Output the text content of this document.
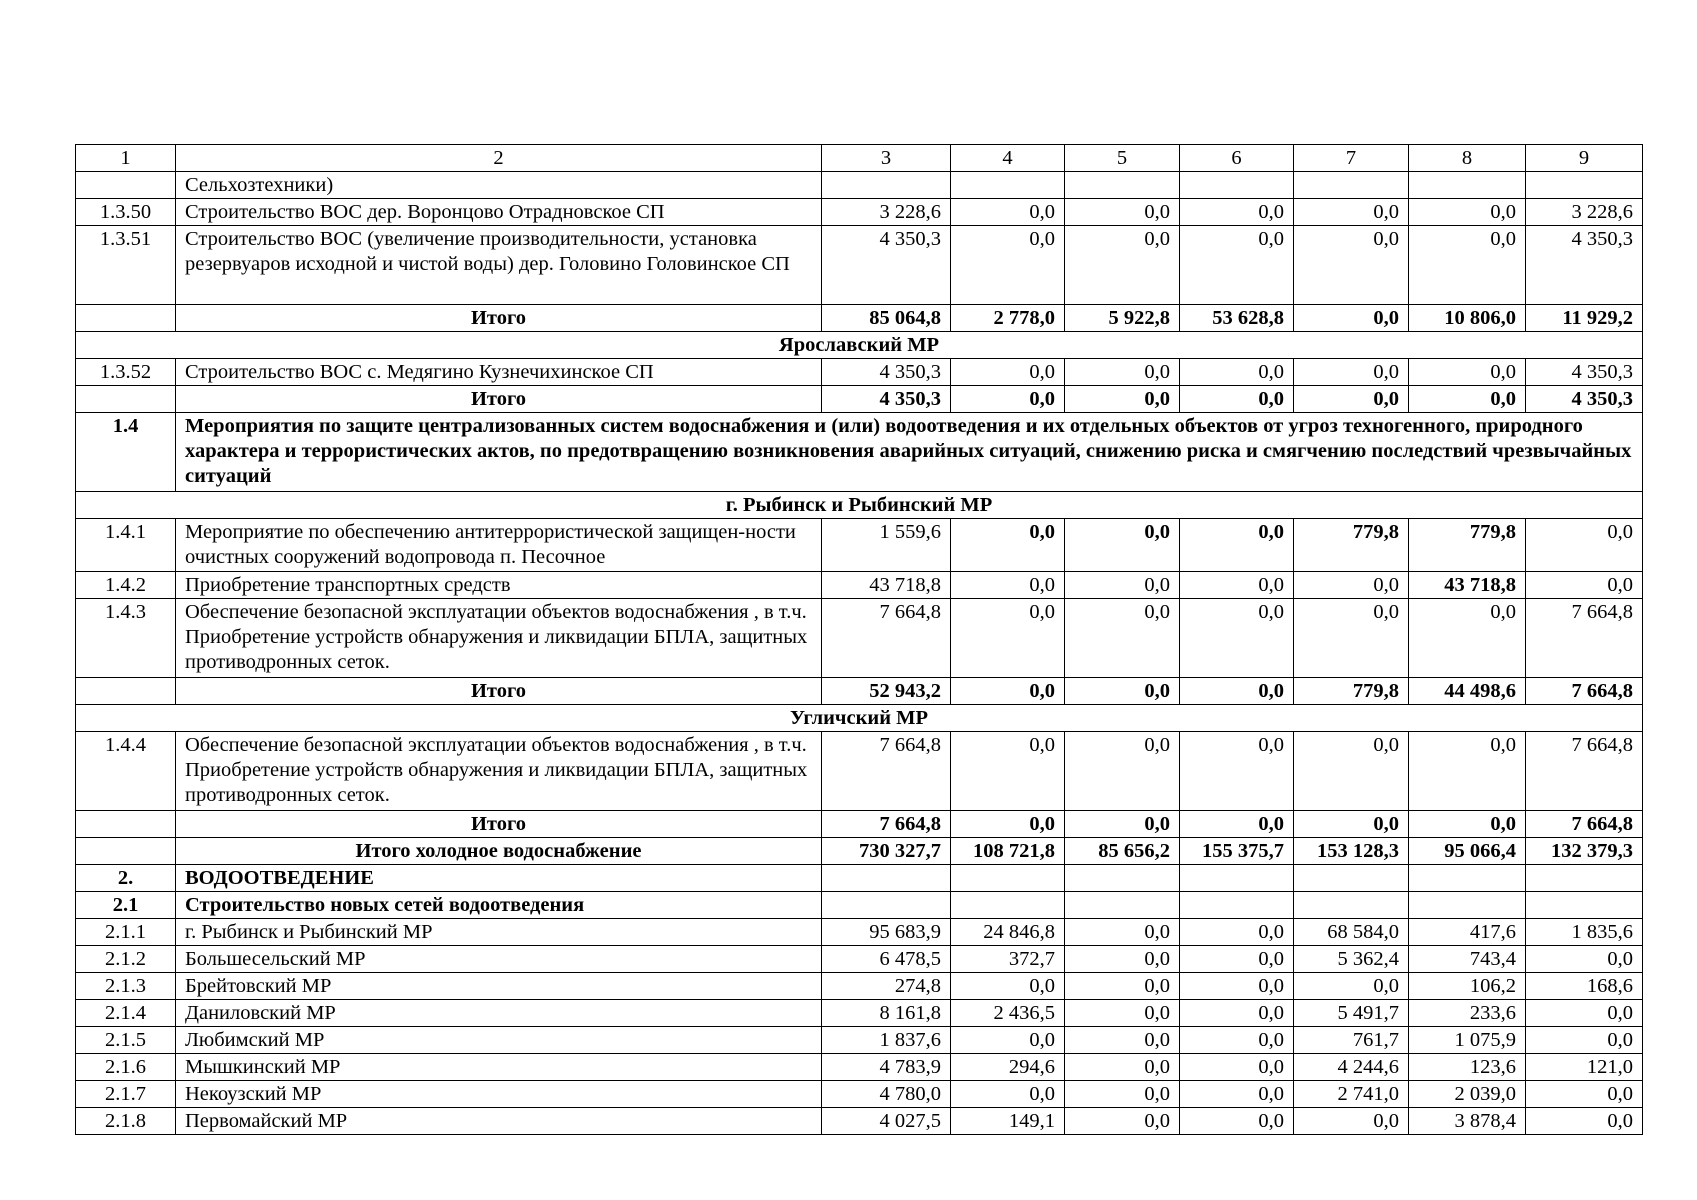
1	2	3	4	5	6	7	8	9
	Сельхозтехники)							
1.3.50	Строительство ВОС дер. Воронцово Отрадновское СП	3 228,6	0,0	0,0	0,0	0,0	0,0	3 228,6
1.3.51	Строительство ВОС (увеличение производительности, установка резервуаров исходной и чистой воды) дер. Головино Головинское СП	4 350,3	0,0	0,0	0,0	0,0	0,0	4 350,3
	Итого	85 064,8	2 778,0	5 922,8	53 628,8	0,0	10 806,0	11 929,2
Ярославский МР								
1.3.52	Строительство ВОС с. Медягино Кузнечихинское СП	4 350,3	0,0	0,0	0,0	0,0	0,0	4 350,3
	Итого	4 350,3	0,0	0,0	0,0	0,0	0,0	4 350,3
1.4	Мероприятия по защите централизованных систем водоснабжения и (или) водоотведения и их отдельных объектов от угроз техногенного, природного характера и террористических актов, по предотвращению возникновения аварийных ситуаций, снижению риска и смягчению последствий чрезвычайных ситуаций							
г. Рыбинск и Рыбинский МР								
1.4.1	Мероприятие по обеспечению антитеррористической защищен-ности очистных сооружений водопровода п. Песочное	1 559,6	0,0	0,0	0,0	779,8	779,8	0,0
1.4.2	Приобретение транспортных средств	43 718,8	0,0	0,0	0,0	0,0	43 718,8	0,0
1.4.3	Обеспечение безопасной эксплуатации объектов водоснабжения , в т.ч. Приобретение устройств обнаружения и ликвидации БПЛА, защитных противодронных сеток.	7 664,8	0,0	0,0	0,0	0,0	0,0	7 664,8
	Итого	52 943,2	0,0	0,0	0,0	779,8	44 498,6	7 664,8
Угличский МР								
1.4.4	Обеспечение безопасной эксплуатации объектов водоснабжения , в т.ч. Приобретение устройств обнаружения и ликвидации БПЛА, защитных противодронных сеток.	7 664,8	0,0	0,0	0,0	0,0	0,0	7 664,8
	Итого	7 664,8	0,0	0,0	0,0	0,0	0,0	7 664,8
	Итого холодное водоснабжение	730 327,7	108 721,8	85 656,2	155 375,7	153 128,3	95 066,4	132 379,3
2.	ВОДООТВЕДЕНИЕ							
2.1	Строительство новых сетей водоотведения							
2.1.1	г. Рыбинск и Рыбинский МР	95 683,9	24 846,8	0,0	0,0	68 584,0	417,6	1 835,6
2.1.2	Большесельский МР	6 478,5	372,7	0,0	0,0	5 362,4	743,4	0,0
2.1.3	Брейтовский МР	274,8	0,0	0,0	0,0	0,0	106,2	168,6
2.1.4	Даниловский МР	8 161,8	2 436,5	0,0	0,0	5 491,7	233,6	0,0
2.1.5	Любимский МР	1 837,6	0,0	0,0	0,0	761,7	1 075,9	0,0
2.1.6	Мышкинский МР	4 783,9	294,6	0,0	0,0	4 244,6	123,6	121,0
2.1.7	Некоузский МР	4 780,0	0,0	0,0	0,0	2 741,0	2 039,0	0,0
2.1.8	Первомайский МР	4 027,5	149,1	0,0	0,0	0,0	3 878,4	0,0
